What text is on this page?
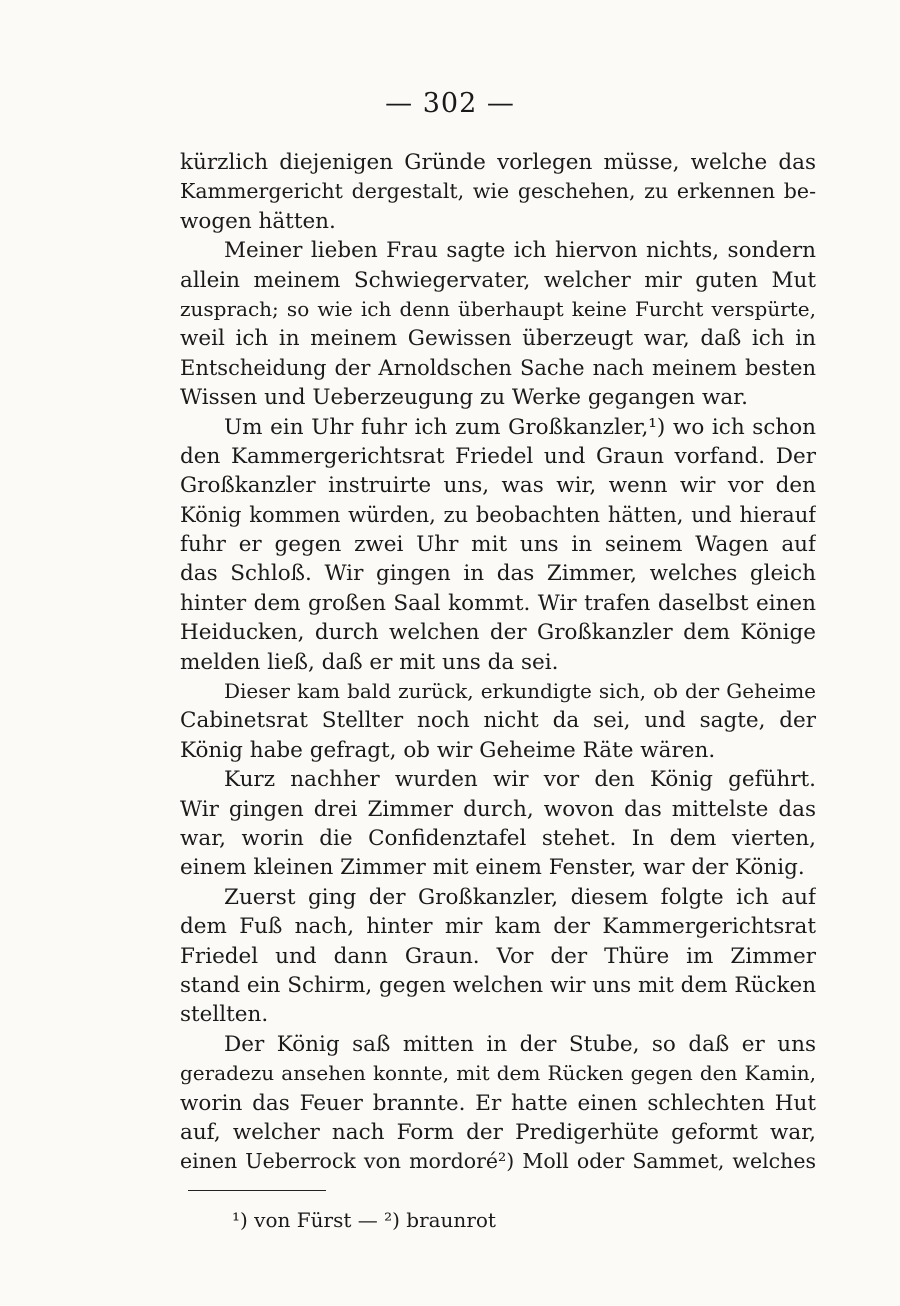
— 302 —
kürzlich diejenigen Gründe vorlegen müsse, welche das
Kammergericht dergestalt, wie geschehen, zu erkennen be-
wogen hätten.
Meiner lieben Frau sagte ich hiervon nichts, sondern
allein meinem Schwiegervater, welcher mir guten Mut
zusprach; so wie ich denn überhaupt keine Furcht verspürte,
weil ich in meinem Gewissen überzeugt war, daß ich in
Entscheidung der Arnoldschen Sache nach meinem besten
Wissen und Ueberzeugung zu Werke gegangen war.
Um ein Uhr fuhr ich zum Großkanzler,¹) wo ich schon
den Kammergerichtsrat Friedel und Graun vorfand. Der
Großkanzler instruirte uns, was wir, wenn wir vor den
König kommen würden, zu beobachten hätten, und hierauf
fuhr er gegen zwei Uhr mit uns in seinem Wagen auf
das Schloß. Wir gingen in das Zimmer, welches gleich
hinter dem großen Saal kommt. Wir trafen daselbst einen
Heiducken, durch welchen der Großkanzler dem Könige
melden ließ, daß er mit uns da sei.
Dieser kam bald zurück, erkundigte sich, ob der Geheime
Cabinetsrat Stellter noch nicht da sei, und sagte, der
König habe gefragt, ob wir Geheime Räte wären.
Kurz nachher wurden wir vor den König geführt.
Wir gingen drei Zimmer durch, wovon das mittelste das
war, worin die Confidenztafel stehet. In dem vierten,
einem kleinen Zimmer mit einem Fenster, war der König.
Zuerst ging der Großkanzler, diesem folgte ich auf
dem Fuß nach, hinter mir kam der Kammergerichtsrat
Friedel und dann Graun. Vor der Thüre im Zimmer
stand ein Schirm, gegen welchen wir uns mit dem Rücken
stellten.
Der König saß mitten in der Stube, so daß er uns
geradezu ansehen konnte, mit dem Rücken gegen den Kamin,
worin das Feuer brannte. Er hatte einen schlechten Hut
auf, welcher nach Form der Predigerhüte geformt war,
einen Ueberrock von mordoré²) Moll oder Sammet, welches
¹) von Fürst — ²) braunrot
